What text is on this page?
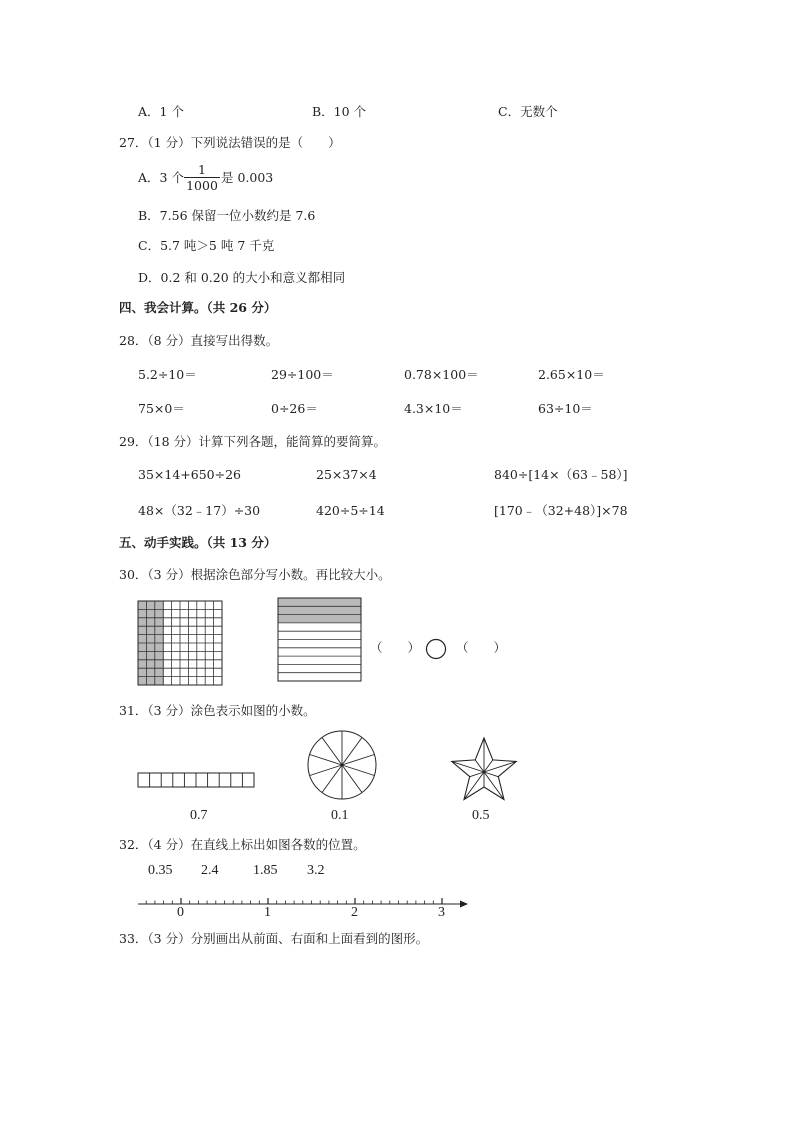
A．1 个	B．10 个	C．无数个
27．（1 分）下列说法错误的是（　　）
A．3 个 $\frac{1}{1000}$ 是 0.003
B．7.56 保留一位小数约是 7.6
C．5.7 吨＞5 吨 7 千克
D．0.2 和 0.20 的大小和意义都相同
四、我会计算。（共 26 分）
28．（8 分）直接写出得数。
5.2÷10＝	29÷100＝	0.78×100＝	2.65×10＝
75×0＝	0÷26＝	4.3×10＝	63÷10＝
29．（18 分）计算下列各题，能简算的要简算。
35×14+650÷26	25×37×4	840÷[14×（63﹣58）]
48×（32﹣17）÷30	420÷5÷14	[170﹣（32+48）]×78
五、动手实践。（共 13 分）
30．（3 分）根据涂色部分写小数。再比较大小。
（　　）	（　　）
31．（3 分）涂色表示如图的小数。
0.7	0.1	0.5
32．（4 分）在直线上标出如图各数的位置。
0.35 2.4 1.85 3.2
0	1	2	3
33．（3 分）分别画出从前面、右面和上面看到的图形。
